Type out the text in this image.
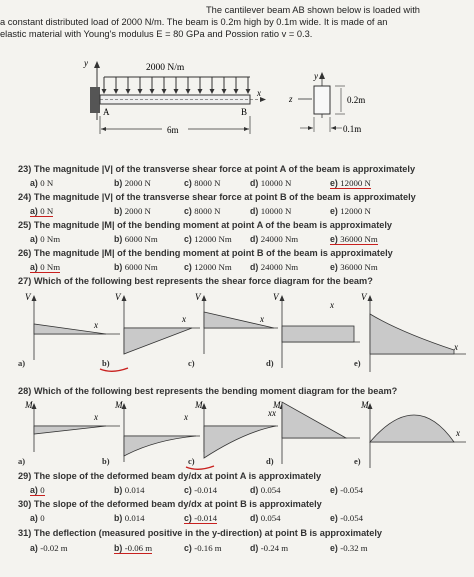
The cantilever beam AB shown below is loaded with
a constant distributed load of 2000 N/m. The beam is 0.2m high by 0.1m wide. It is made of an
elastic material with Young's modulus E = 80 GPa and Possion ratio v = 0.3.
y	2000 N/m
x
A	B
6m
y
z	0.2m
0.1m
23) The magnitude |V| of the transverse shear force at point A of the beam is approximately
a) 0 N	b) 2000 N	c) 8000 N	d) 10000 N	e) 12000 N
24) The magnitude |V| of the transverse shear force at point B of the beam is approximately
a) 0 N	b) 2000 N	c) 8000 N	d) 10000 N	e) 12000 N
25) The magnitude |M| of the bending moment at point A of the beam is approximately
a) 0 Nm	b) 6000 Nm	c) 12000 Nm d) 24000 Nm	e) 36000 Nm
26) The magnitude |M| of the bending moment at point B of the beam is approximately
a) 0 Nm	b) 6000 Nm	c) 12000 Nm d) 24000 Nm	e) 36000 Nm
27) Which of the following best represents the shear force diagram for the beam?
V
x
V
x
V
x
V
x
V
x
a)	b)	c)	d)	e)
28) Which of the following best represents the bending moment diagram for the beam?
M
x
M
x
M
x
M
x
M
x
a)	b)	c)	d)	e)
29) The slope of the deformed beam dy/dx at point A is approximately
a) 0	b) 0.014	c) -0.014	d) 0.054	e) -0.054
30) The slope of the deformed beam dy/dx at point B is approximately
a) 0	b) 0.014	c) -0.014	d) 0.054	e) -0.054
31) The deflection (measured positive in the y-direction) at point B is approximately
a) -0.02 m	b) -0.06 m	c) -0.16 m	d) -0.24 m	e) -0.32 m
